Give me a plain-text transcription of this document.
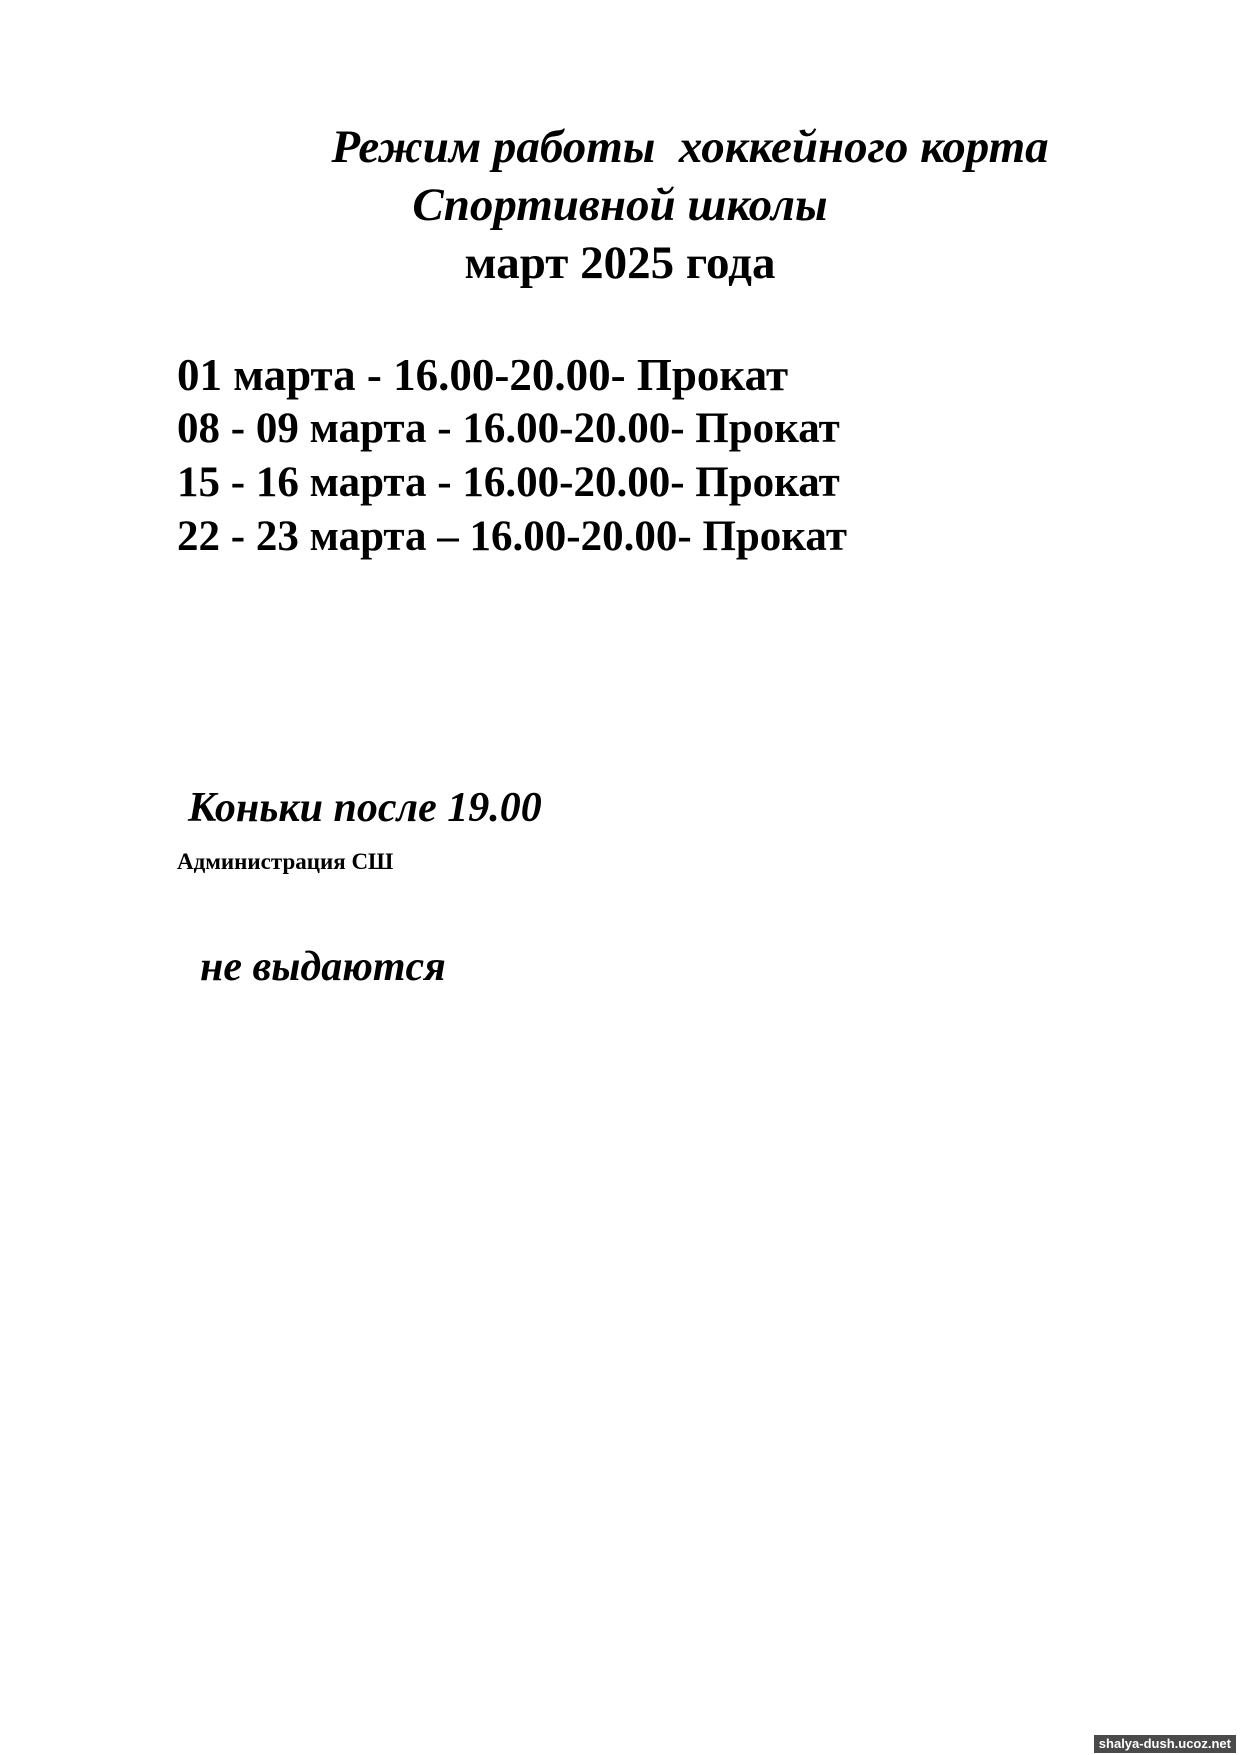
Режим работы  хоккейного корта
Спортивной школы
март 2025 года
01 марта - 16.00-20.00- Прокат
08 - 09 марта - 16.00-20.00- Прокат
15 - 16 марта - 16.00-20.00- Прокат
22 - 23 марта – 16.00-20.00- Прокат

Коньки после 19.00

не выдаются

Администрация СШ
shalya-dush.ucoz.net
